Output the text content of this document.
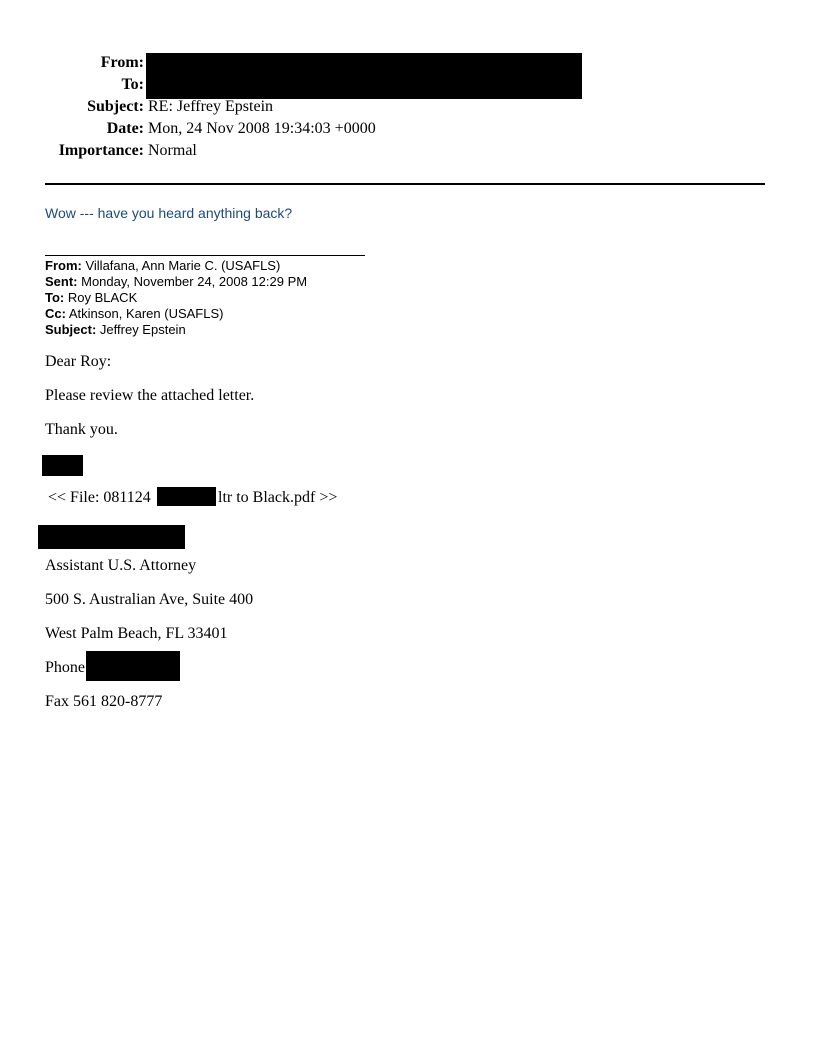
From:
To:
Subject: RE: Jeffrey Epstein
Date: Mon, 24 Nov 2008 19:34:03 +0000
Importance: Normal
Wow --- have you heard anything back?
From: Villafana, Ann Marie C. (USAFLS)
Sent: Monday, November 24, 2008 12:29 PM
To: Roy BLACK
Cc: Atkinson, Karen (USAFLS)
Subject: Jeffrey Epstein
Dear Roy:
Please review the attached letter.
Thank you.
<< File: 081124	ltr to Black.pdf >>
Assistant U.S. Attorney
500 S. Australian Ave, Suite 400
West Palm Beach, FL 33401
Phone
Fax 561 820-8777
